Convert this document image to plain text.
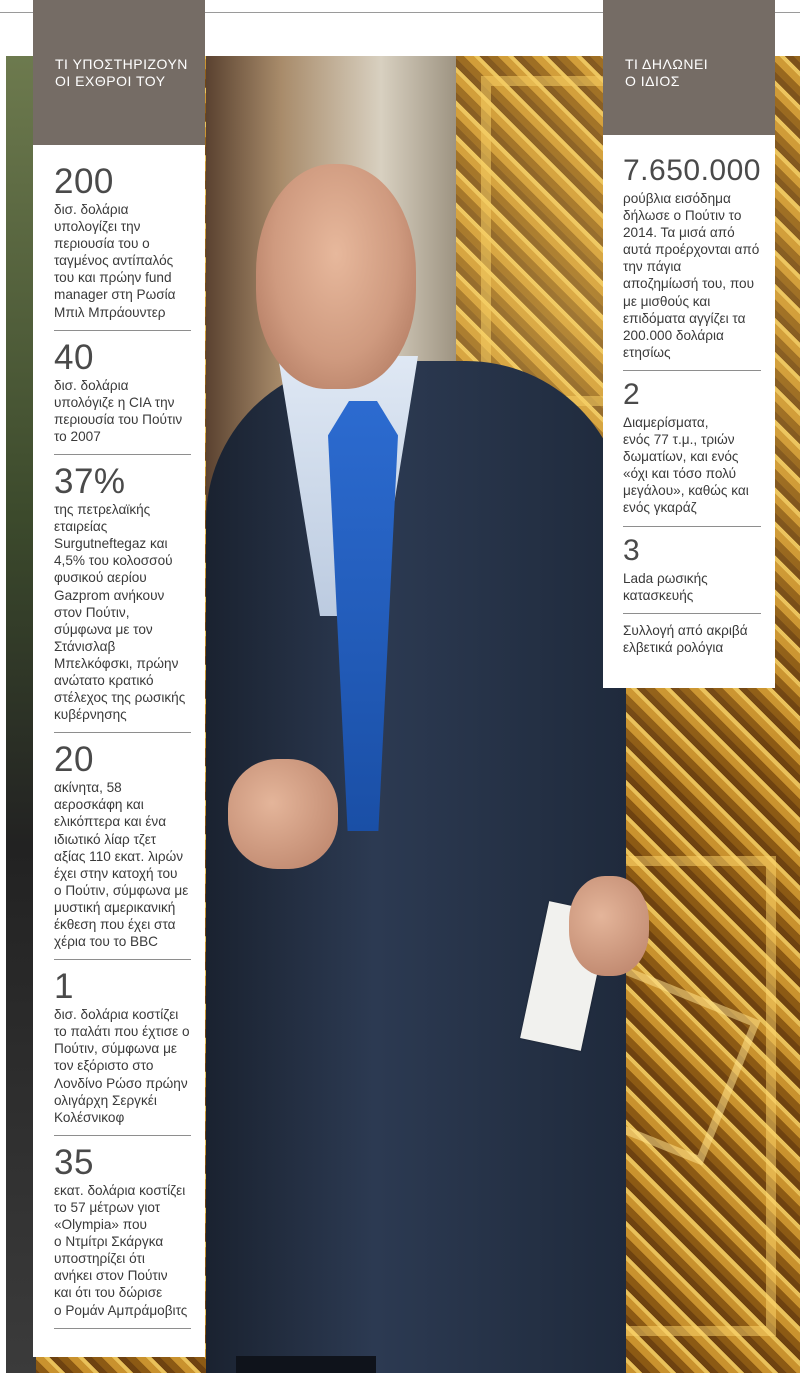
ΤΙ ΥΠΟΣΤΗΡΙΖΟΥΝ
ΟΙ ΕΧΘΡΟΙ ΤΟΥ
200
δισ. δολάρια
υπολογίζει την
περιουσία του ο
ταγμένος αντίπαλός
του και πρώην fund
manager στη Ρωσία
Μπιλ Μπράουντερ
40
δισ. δολάρια
υπολόγιζε η CIA την
περιουσία του Πούτιν
το 2007
37%
της πετρελαϊκής
εταιρείας
Surgutneftegaz και
4,5% του κολοσσού
φυσικού αερίου
Gazprom ανήκουν
στον Πούτιν,
σύμφωνα με τον
Στάνισλαβ
Μπελκόφσκι, πρώην
ανώτατο κρατικό
στέλεχος της ρωσικής
κυβέρνησης
20
ακίνητα, 58
αεροσκάφη και
ελικόπτερα και ένα
ιδιωτικό λίαρ τζετ
αξίας 110 εκατ. λιρών
έχει στην κατοχή του
ο Πούτιν, σύμφωνα με
μυστική αμερικανική
έκθεση που έχει στα
χέρια του το BBC
1
δισ. δολάρια κοστίζει
το παλάτι που έχτισε ο
Πούτιν, σύμφωνα με
τον εξόριστο στο
Λονδίνο Ρώσο πρώην
ολιγάρχη Σεργκέι
Κολέσνικοφ
35
εκατ. δολάρια κοστίζει
το 57 μέτρων γιοτ
«Olympia» που
ο Ντμίτρι Σκάργκα
υποστηρίζει ότι
ανήκει στον Πούτιν
και ότι του δώρισε
ο Ρομάν Αμπράμοβιτς
ΤΙ ΔΗΛΩΝΕΙ
Ο ΙΔΙΟΣ
7.650.000
ρούβλια εισόδημα
δήλωσε ο Πούτιν το
2014. Τα μισά από
αυτά προέρχονται από
την πάγια
αποζημίωσή του, που
με μισθούς και
επιδόματα αγγίζει τα
200.000 δολάρια
ετησίως
2
Διαμερίσματα,
ενός 77 τ.μ., τριών
δωματίων, και ενός
«όχι και τόσο πολύ
μεγάλου», καθώς και
ενός γκαράζ
3
Lada ρωσικής
κατασκευής
Συλλογή από ακριβά
ελβετικά ρολόγια
